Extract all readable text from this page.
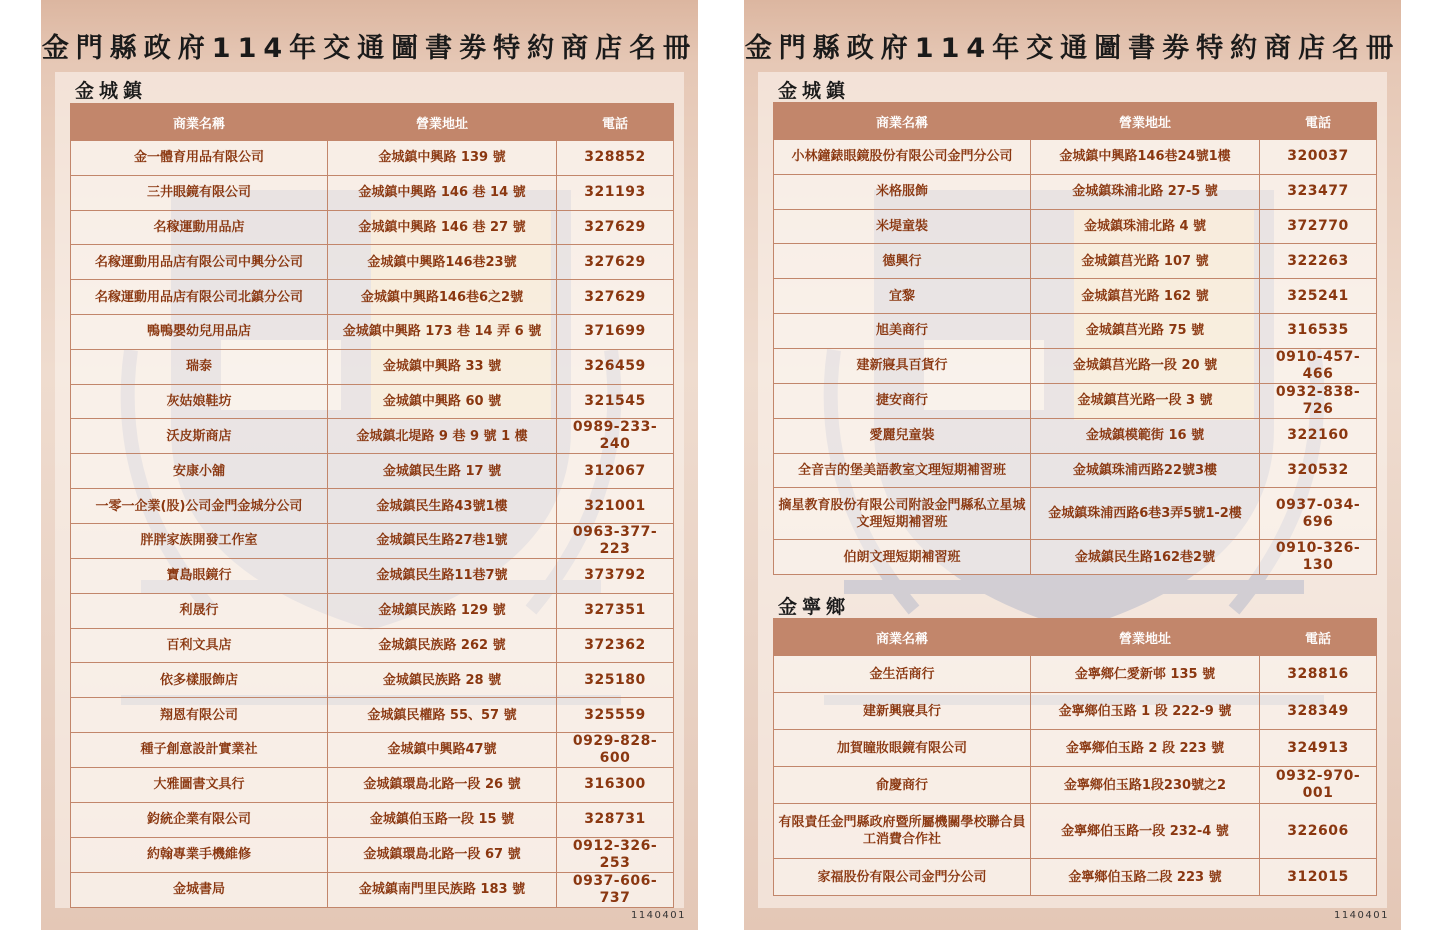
金門縣政府114年交通圖書劵特約商店名冊
金城鎮
商業名稱	營業地址	電話
金一體育用品有限公司	金城鎮中興路 139 號	328852
三井眼鏡有限公司	金城鎮中興路 146 巷 14 號	321193
名稼運動用品店	金城鎮中興路 146 巷 27 號	327629
名稼運動用品店有限公司中興分公司	金城鎮中興路146巷23號	327629
名稼運動用品店有限公司北鎮分公司	金城鎮中興路146巷6之2號	327629
鴨鴨嬰幼兒用品店	金城鎮中興路 173 巷 14 弄 6 號	371699
瑞泰	金城鎮中興路 33 號	326459
灰姑娘鞋坊	金城鎮中興路 60 號	321545
沃皮斯商店	金城鎮北堤路 9 巷 9 號 1 樓	0989-233-240
安康小舖	金城鎮民生路 17 號	312067
一零一企業(股)公司金門金城分公司	金城鎮民生路43號1樓	321001
胖胖家族開發工作室	金城鎮民生路27巷1號	0963-377-223
寶島眼鏡行	金城鎮民生路11巷7號	373792
利晟行	金城鎮民族路 129 號	327351
百利文具店	金城鎮民族路 262 號	372362
依多樣服飾店	金城鎮民族路 28 號	325180
翔恩有限公司	金城鎮民權路 55、57 號	325559
種子創意設計實業社	金城鎮中興路47號	0929-828-600
大雅圖書文具行	金城鎮環島北路一段 26 號	316300
鈞統企業有限公司	金城鎮伯玉路一段 15 號	328731
約翰專業手機維修	金城鎮環島北路一段 67 號	0912-326-253
金城書局	金城鎮南門里民族路 183 號	0937-606-737
1140401
金門縣政府114年交通圖書劵特約商店名冊
金城鎮
商業名稱	營業地址	電話
小林鐘錶眼鏡股份有限公司金門分公司	金城鎮中興路146巷24號1樓	320037
米格服飾	金城鎮珠浦北路 27-5 號	323477
米堤童裝	金城鎮珠浦北路 4 號	372770
德興行	金城鎮莒光路 107 號	322263
宜黎	金城鎮莒光路 162 號	325241
旭美商行	金城鎮莒光路 75 號	316535
建新寢具百貨行	金城鎮莒光路一段 20 號	0910-457-466
捷安商行	金城鎮莒光路一段 3 號	0932-838-726
愛麗兒童裝	金城鎮模範街 16 號	322160
全音吉的堡美語教室文理短期補習班	金城鎮珠浦西路22號3樓	320532
摘星教育股份有限公司附設金門縣私立星城文理短期補習班	金城鎮珠浦西路6巷3弄5號1-2樓	0937-034-696
伯朗文理短期補習班	金城鎮民生路162巷2號	0910-326-130
金寧鄉
商業名稱	營業地址	電話
金生活商行	金寧鄉仁愛新邨 135 號	328816
建新興寢具行	金寧鄉伯玉路 1 段 222-9 號	328349
加賀瞳妝眼鏡有限公司	金寧鄉伯玉路 2 段 223 號	324913
俞慶商行	金寧鄉伯玉路1段230號之2	0932-970-001
有限責任金門縣政府暨所屬機關學校聯合員工消費合作社	金寧鄉伯玉路一段 232-4 號	322606
家福股份有限公司金門分公司	金寧鄉伯玉路二段 223 號	312015
1140401
